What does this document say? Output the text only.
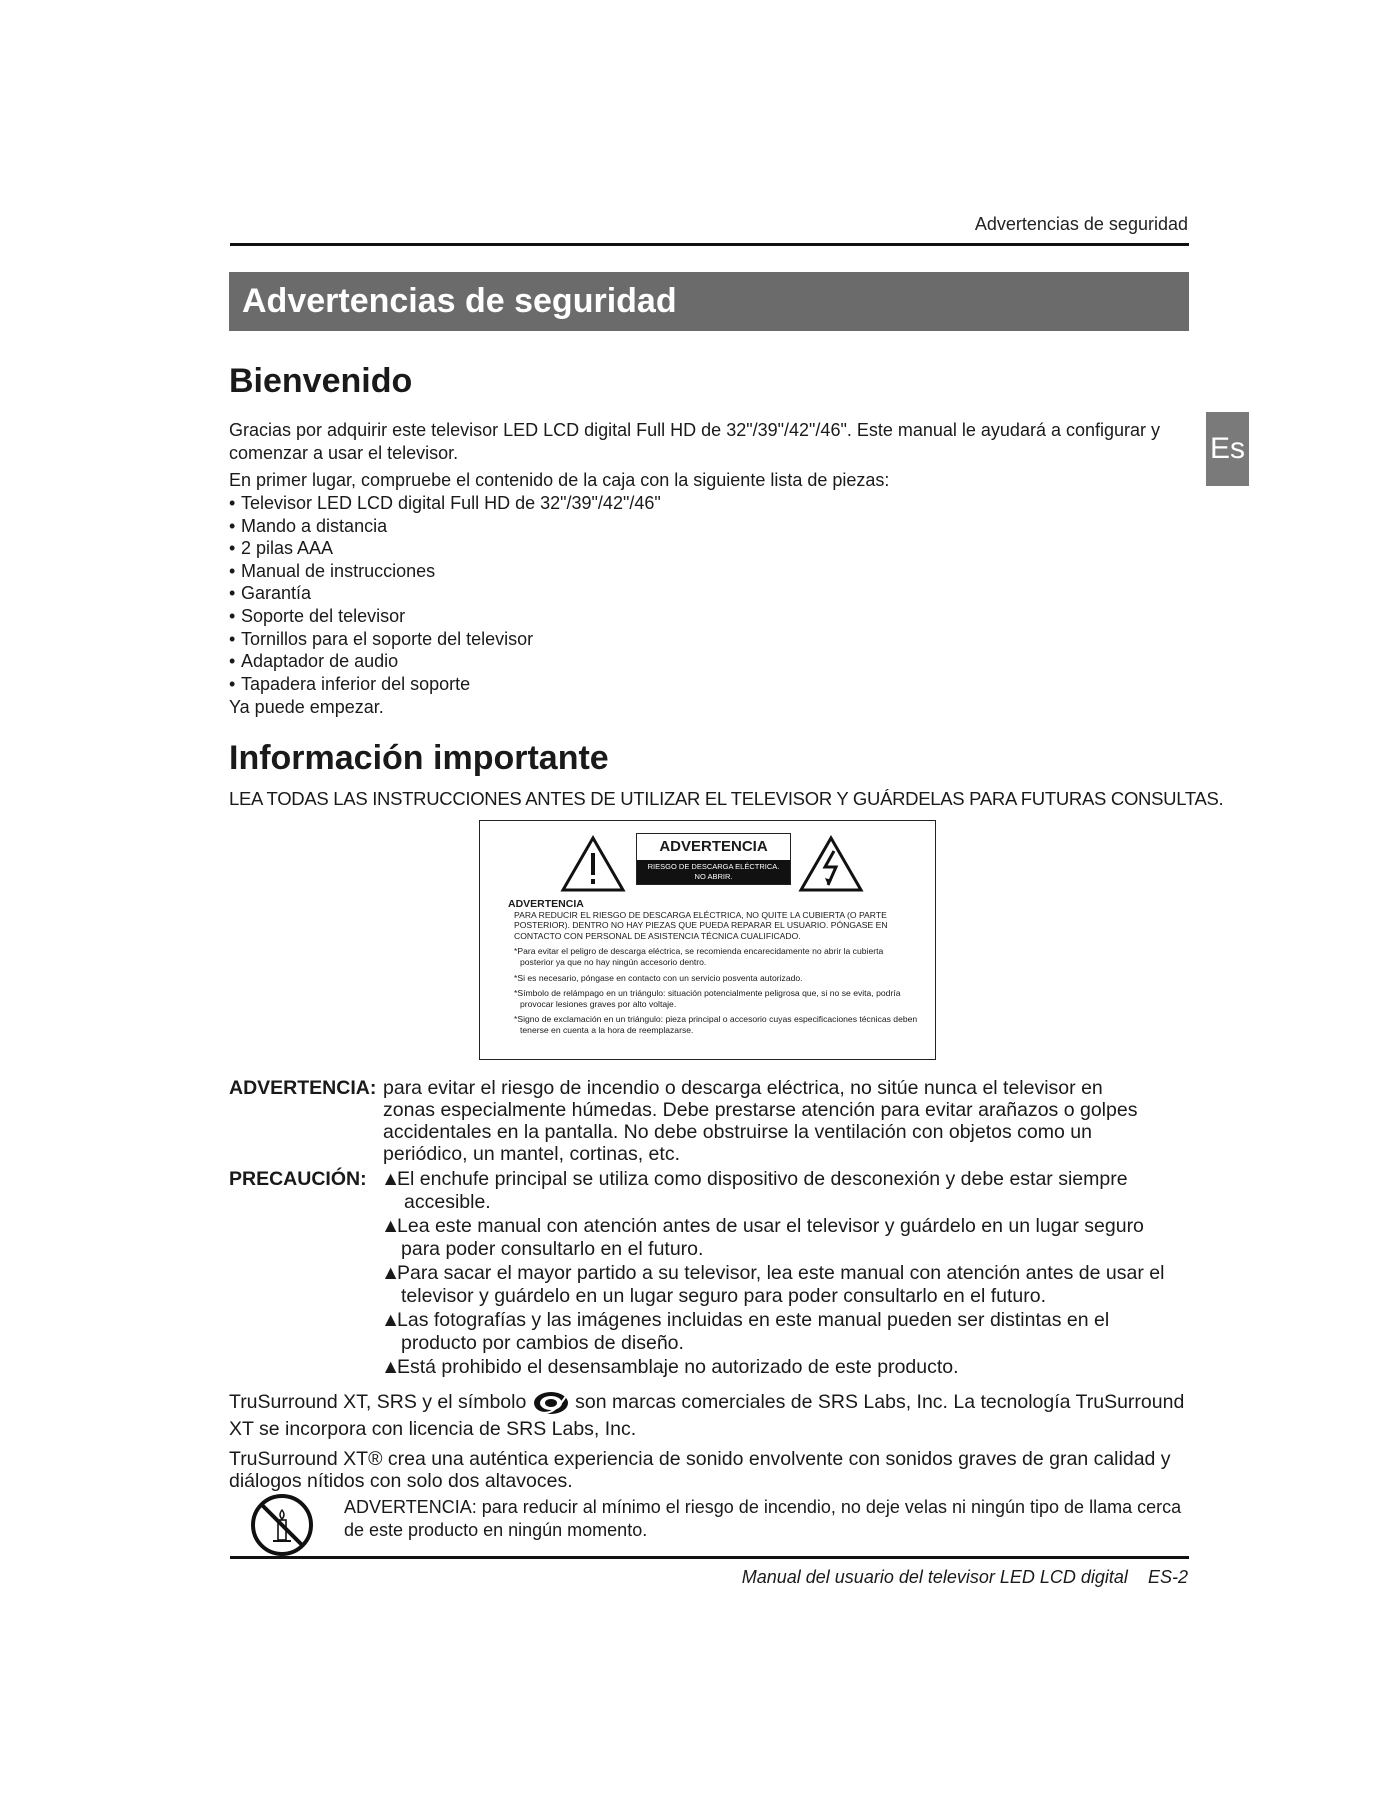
Advertencias de seguridad
Advertencias de seguridad
Es
Bienvenido
Gracias por adquirir este televisor LED LCD digital Full HD de 32"/39"/42"/46". Este manual le ayudará a configurar y
comenzar a usar el televisor.
En primer lugar, compruebe el contenido de la caja con la siguiente lista de piezas:
• Televisor LED LCD digital Full HD de 32"/39"/42"/46"
• Mando a distancia
• 2 pilas AAA
• Manual de instrucciones
• Garantía
• Soporte del televisor
• Tornillos para el soporte del televisor
• Adaptador de audio
• Tapadera inferior del soporte
Ya puede empezar.
Información importante
LEA TODAS LAS INSTRUCCIONES ANTES DE UTILIZAR EL TELEVISOR Y GUÁRDELAS PARA FUTURAS CONSULTAS.
ADVERTENCIA
RIESGO DE DESCARGA ELÉCTRICA.
NO ABRIR.
ADVERTENCIA

PARA REDUCIR EL RIESGO DE DESCARGA ELÉCTRICA, NO QUITE LA CUBIERTA (O PARTE POSTERIOR). DENTRO NO HAY PIEZAS QUE PUEDA REPARAR EL USUARIO. PÓNGASE EN CONTACTO CON PERSONAL DE ASISTENCIA TÉCNICA CUALIFICADO.

*Para evitar el peligro de descarga eléctrica, se recomienda encarecidamente no abrir la cubierta posterior ya que no hay ningún accesorio dentro.

*Si es necesario, póngase en contacto con un servicio posventa autorizado.

*Símbolo de relámpago en un triángulo: situación potencialmente peligrosa que, si no se evita, podría provocar lesiones graves por alto voltaje.

*Signo de exclamación en un triángulo: pieza principal o accesorio cuyas especificaciones técnicas deben tenerse en cuenta a la hora de reemplazarse.

ADVERTENCIA: para evitar el riesgo de incendio o descarga eléctrica, no sitúe nunca el televisor en
zonas especialmente húmedas. Debe prestarse atención para evitar arañazos o golpes
accidentales en la pantalla. No debe obstruirse la ventilación con objetos como un
periódico, un mantel, cortinas, etc.
PRECAUCIÓN: ▲El enchufe principal se utiliza como dispositivo de desconexión y debe estar siempre
accesible.
▲Lea este manual con atención antes de usar el televisor y guárdelo en un lugar seguro
para poder consultarlo en el futuro.
▲Para sacar el mayor partido a su televisor, lea este manual con atención antes de usar el
televisor y guárdelo en un lugar seguro para poder consultarlo en el futuro.
▲Las fotografías y las imágenes incluidas en este manual pueden ser distintas en el
producto por cambios de diseño.
▲Está prohibido el desensamblaje no autorizado de este producto.
TruSurround XT, SRS y el símbolo	son marcas comerciales de SRS Labs, Inc. La tecnología TruSurround
XT se incorpora con licencia de SRS Labs, Inc.
TruSurround XT® crea una auténtica experiencia de sonido envolvente con sonidos graves de gran calidad y
diálogos nítidos con solo dos altavoces.
ADVERTENCIA: para reducir al mínimo el riesgo de incendio, no deje velas ni ningún tipo de llama cerca
de este producto en ningún momento.
Manual del usuario del televisor LED LCD digital ES-2
